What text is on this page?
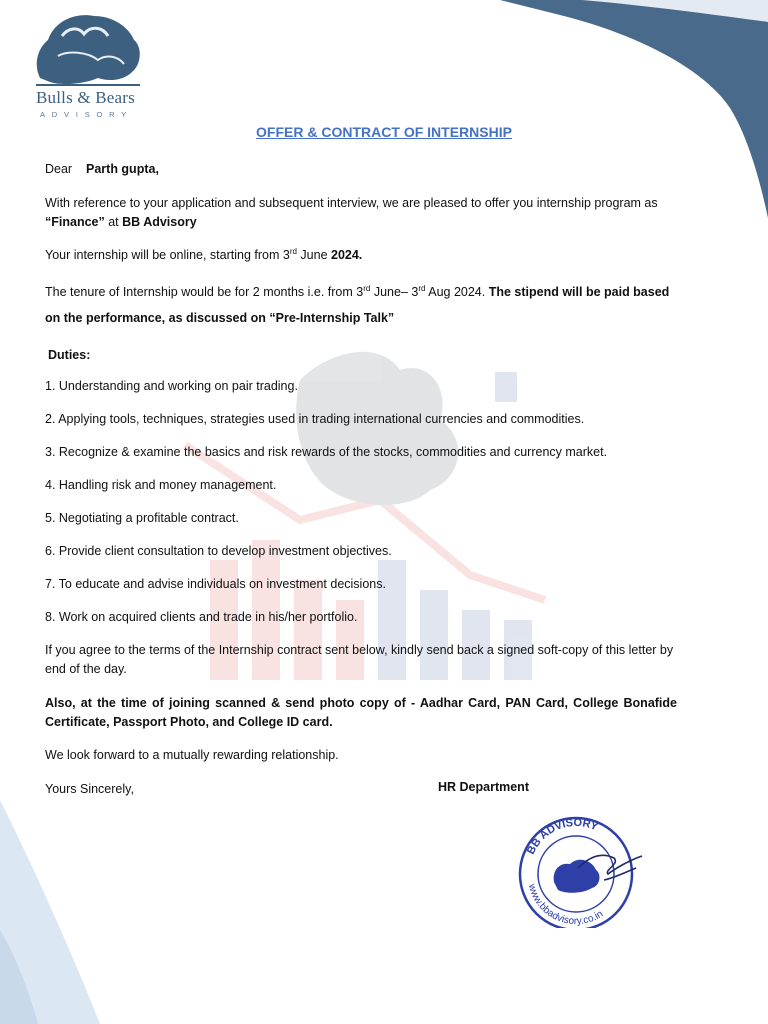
Bulls & Bears
ADVISORY
OFFER & CONTRACT OF INTERNSHIP

Dear Parth gupta,

With reference to your application and subsequent interview, we are pleased to offer you internship program as
“Finance” at BB Advisory

Your internship will be online, starting from 3rd June 2024.

The tenure of Internship would be for 2 months i.e. from 3rd June– 3rd Aug 2024. The stipend will be paid based
on the performance, as discussed on “Pre-Internship Talk”

Duties:

1. Understanding and working on pair trading.

2. Applying tools, techniques, strategies used in trading international currencies and commodities.

3. Recognize & examine the basics and risk rewards of the stocks, commodities and currency market.

4. Handling risk and money management.

5. Negotiating a profitable contract.

6. Provide client consultation to develop investment objectives.

7. To educate and advise individuals on investment decisions.

8. Work on acquired clients and trade in his/her portfolio.

If you agree to the terms of the Internship contract sent below, kindly send back a signed soft-copy of this letter by end of the day.

Also, at the time of joining scanned & send photo copy of - Aadhar Card, PAN Card, College Bonafide Certificate, Passport Photo, and College ID card.

We look forward to a mutually rewarding relationship.

Yours Sincerely,	HR Department
BB ADVISORY
www.bbadvisory.co.in
